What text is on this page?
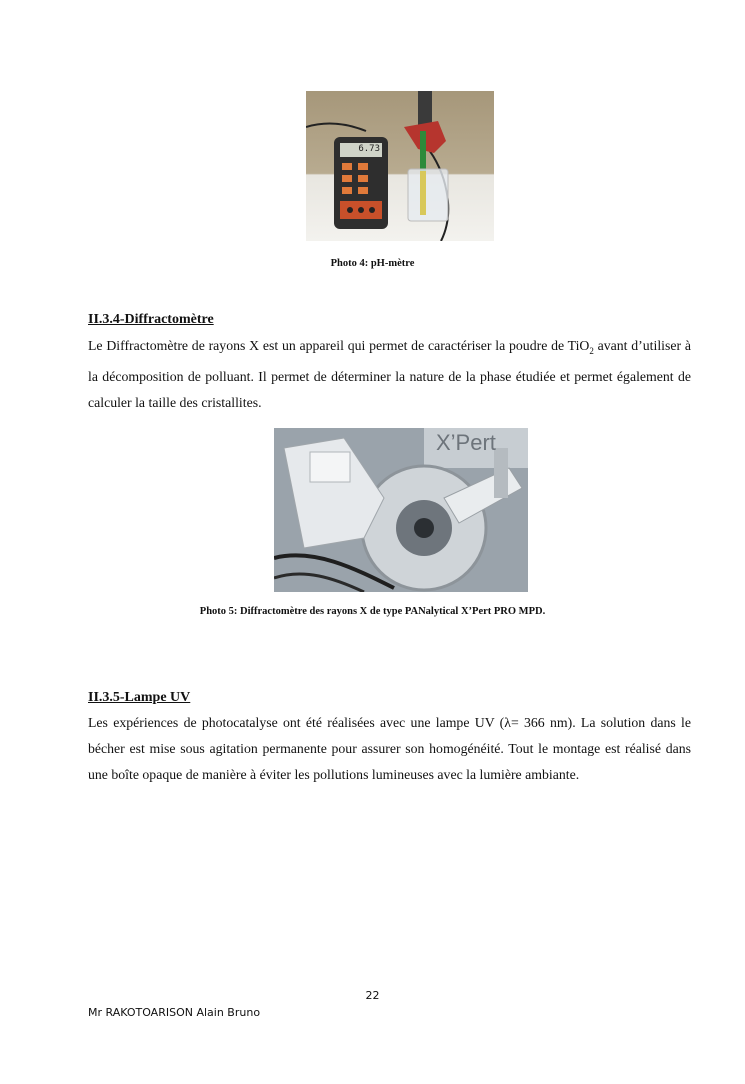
6.73
Photo 4: pH-mètre
II.3.4-Diffractomètre
Le Diffractomètre de rayons X est un appareil qui permet de caractériser la poudre de TiO$_2$ avant d’utiliser à la décomposition de polluant. Il permet de déterminer la nature de la phase étudiée et permet également de calculer la taille des cristallites.
X’Pert
Photo 5: Diffractomètre des rayons X de type PANalytical X’Pert PRO MPD.
II.3.5-Lampe UV
Les expériences de photocatalyse ont été réalisées avec une lampe UV (λ= 366 nm). La solution dans le bécher est mise sous agitation permanente pour assurer son homogénéité. Tout le montage est réalisé dans une boîte opaque de manière à éviter les pollutions lumineuses avec la lumière ambiante.
22
Mr RAKOTOARISON Alain Bruno
